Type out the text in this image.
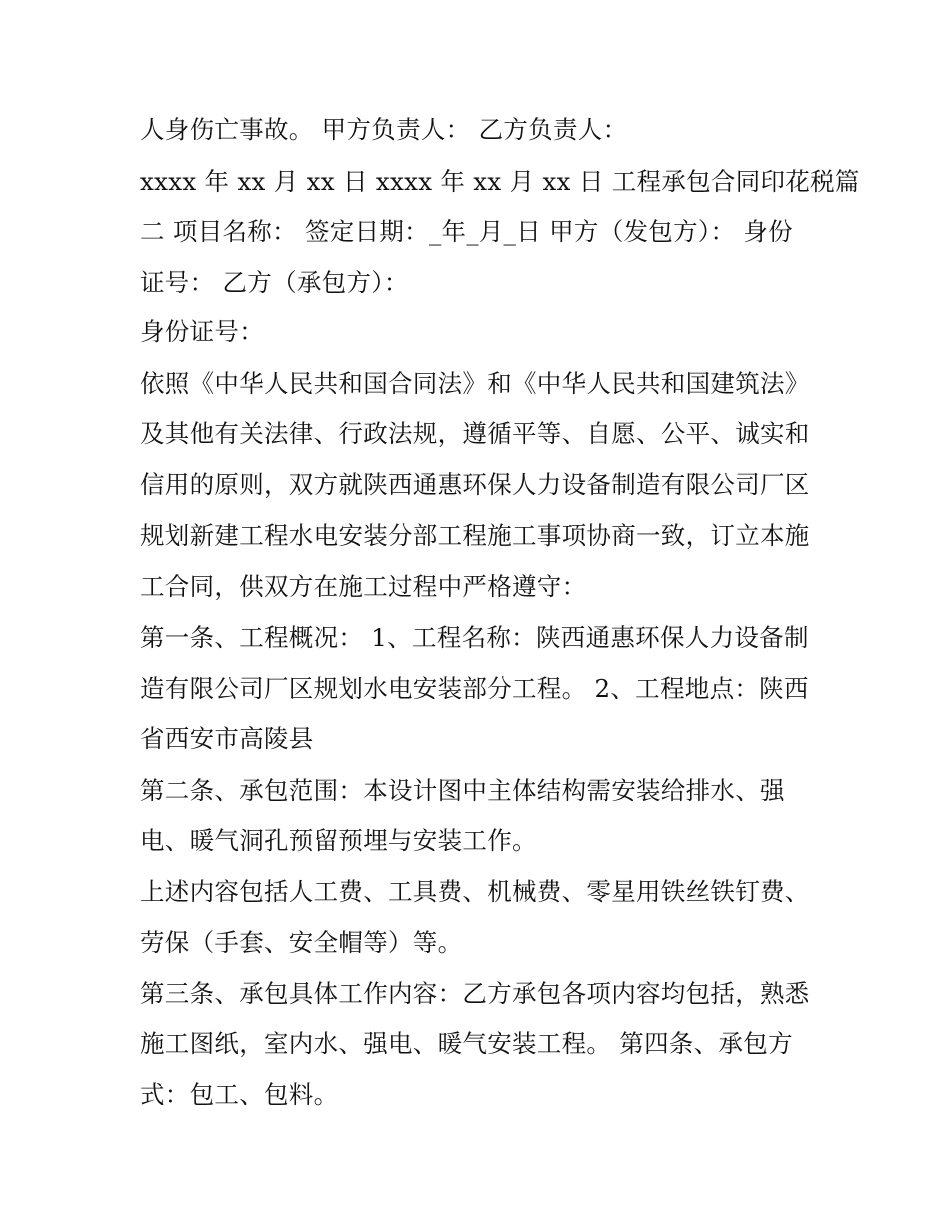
人身伤亡事故。 甲方负责人： 乙方负责人：
xxxx 年 xx 月 xx 日 xxxx 年 xx 月 xx 日 工程承包合同印花税篇
二 项目名称： 签定日期：_年_月_日 甲方（发包方）： 身份
证号： 乙方（承包方）：
身份证号：
依照《中华人民共和国合同法》和《中华人民共和国建筑法》
及其他有关法律、行政法规，遵循平等、自愿、公平、诚实和
信用的原则，双方就陕西通惠环保人力设备制造有限公司厂区
规划新建工程水电安装分部工程施工事项协商一致，订立本施
工合同，供双方在施工过程中严格遵守：
第一条、工程概况： 1、工程名称：陕西通惠环保人力设备制
造有限公司厂区规划水电安装部分工程。 2、工程地点：陕西
省西安市高陵县
第二条、承包范围：本设计图中主体结构需安装给排水、强
电、暖气洞孔预留预埋与安装工作。
上述内容包括人工费、工具费、机械费、零星用铁丝铁钉费、
劳保（手套、安全帽等）等。
第三条、承包具体工作内容：乙方承包各项内容均包括，熟悉
施工图纸，室内水、强电、暖气安装工程。 第四条、承包方
式：包工、包料。
